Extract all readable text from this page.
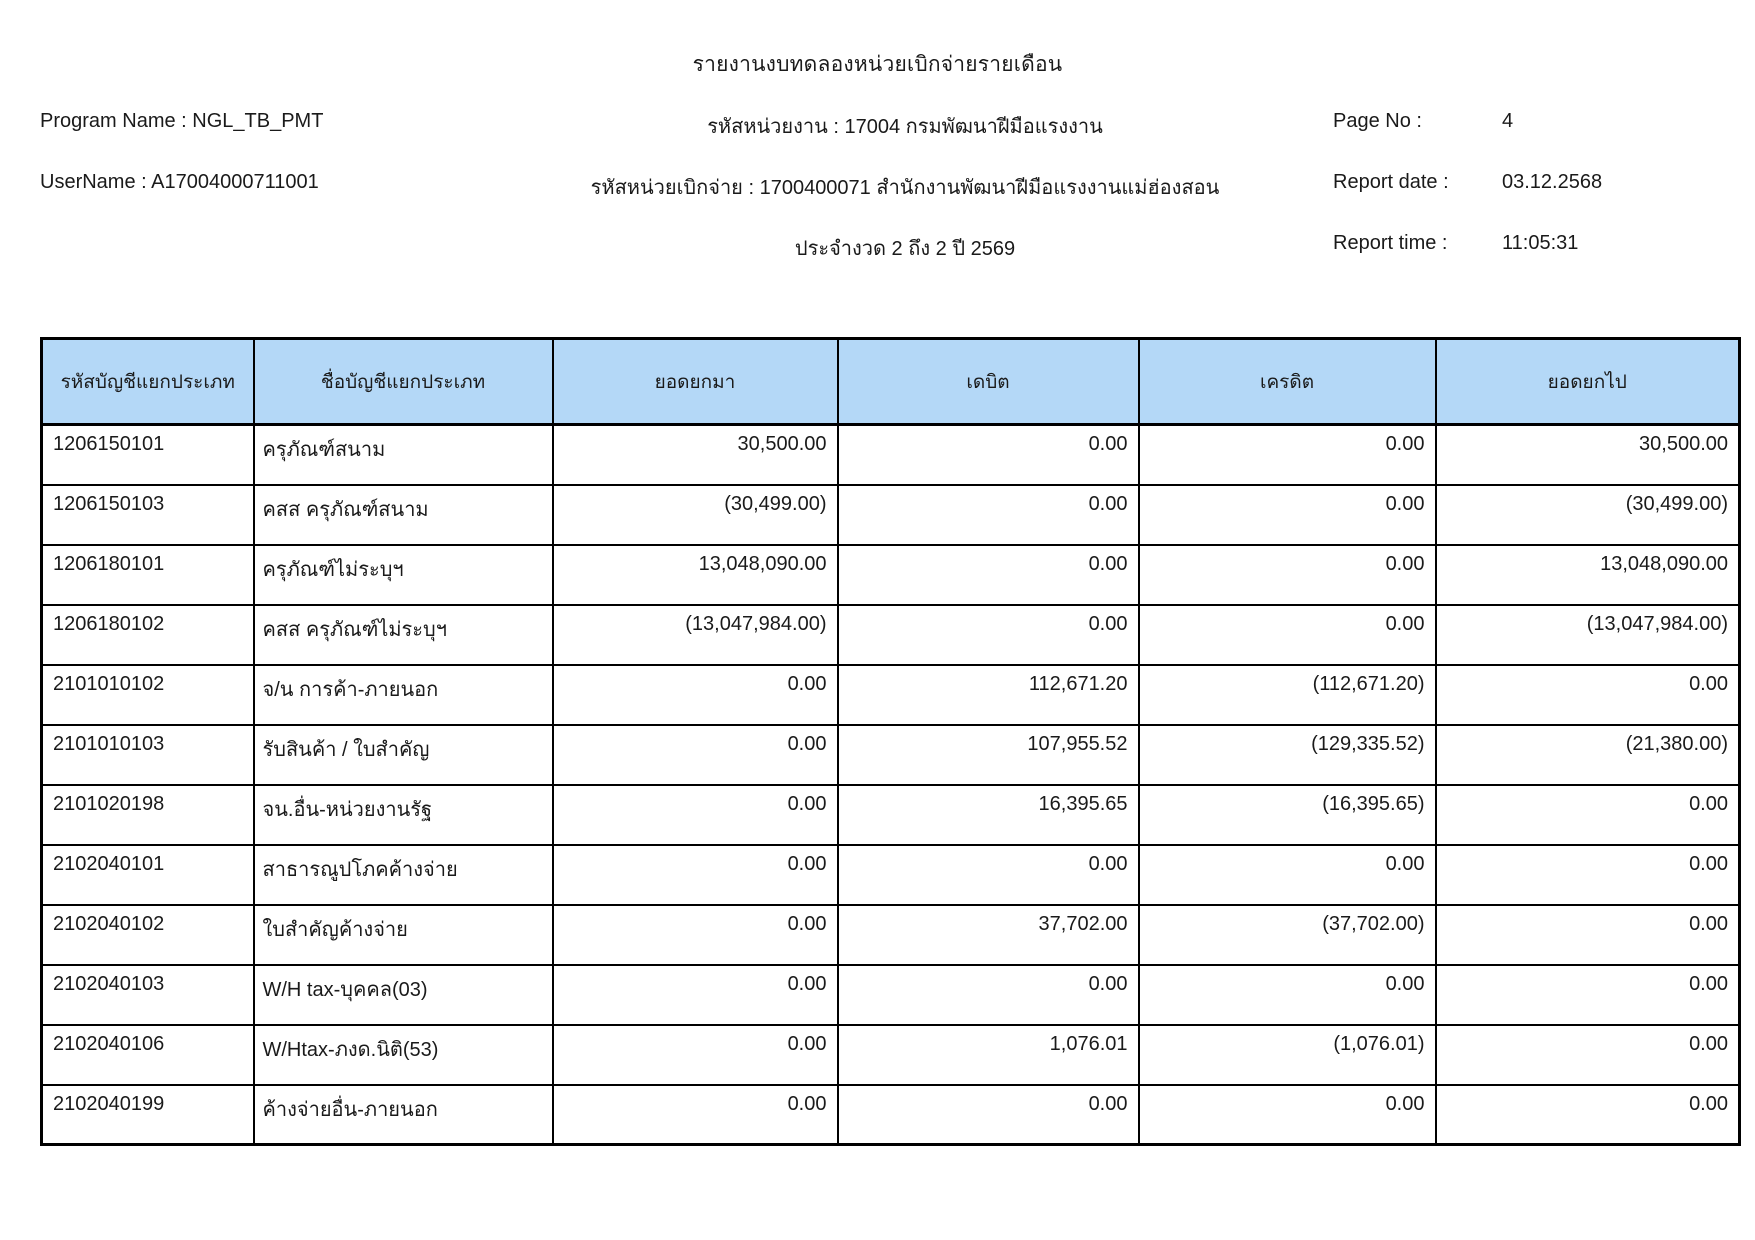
รายงานงบทดลองหน่วยเบิกจ่ายรายเดือน
Program Name : NGL_TB_PMT	รหัสหน่วยงาน : 17004 กรมพัฒนาฝีมือแรงงาน	Page No :	4
UserName : A17004000711001	รหัสหน่วยเบิกจ่าย : 1700400071 สำนักงานพัฒนาฝีมือแรงงานแม่ฮ่องสอน	Report date :	03.12.2568
ประจำงวด 2 ถึง 2 ปี 2569	Report time :	11:05:31
รหัสบัญชีแยกประเภท	ชื่อบัญชีแยกประเภท	ยอดยกมา	เดบิต	เครดิต	ยอดยกไป
1206150101	ครุภัณฑ์สนาม	30,500.00	0.00	0.00	30,500.00
1206150103	คสส ครุภัณฑ์สนาม	(30,499.00)	0.00	0.00	(30,499.00)
1206180101	ครุภัณฑ์ไม่ระบุฯ	13,048,090.00	0.00	0.00	13,048,090.00
1206180102	คสส ครุภัณฑ์ไม่ระบุฯ	(13,047,984.00)	0.00	0.00	(13,047,984.00)
2101010102	จ/น การค้า-ภายนอก	0.00	112,671.20	(112,671.20)	0.00
2101010103	รับสินค้า / ใบสำคัญ	0.00	107,955.52	(129,335.52)	(21,380.00)
2101020198	จน.อื่น-หน่วยงานรัฐ	0.00	16,395.65	(16,395.65)	0.00
2102040101	สาธารณูปโภคค้างจ่าย	0.00	0.00	0.00	0.00
2102040102	ใบสำคัญค้างจ่าย	0.00	37,702.00	(37,702.00)	0.00
2102040103	W/H tax-บุคคล(03)	0.00	0.00	0.00	0.00
2102040106	W/Htax-ภงด.นิติ(53)	0.00	1,076.01	(1,076.01)	0.00
2102040199	ค้างจ่ายอื่น-ภายนอก	0.00	0.00	0.00	0.00
